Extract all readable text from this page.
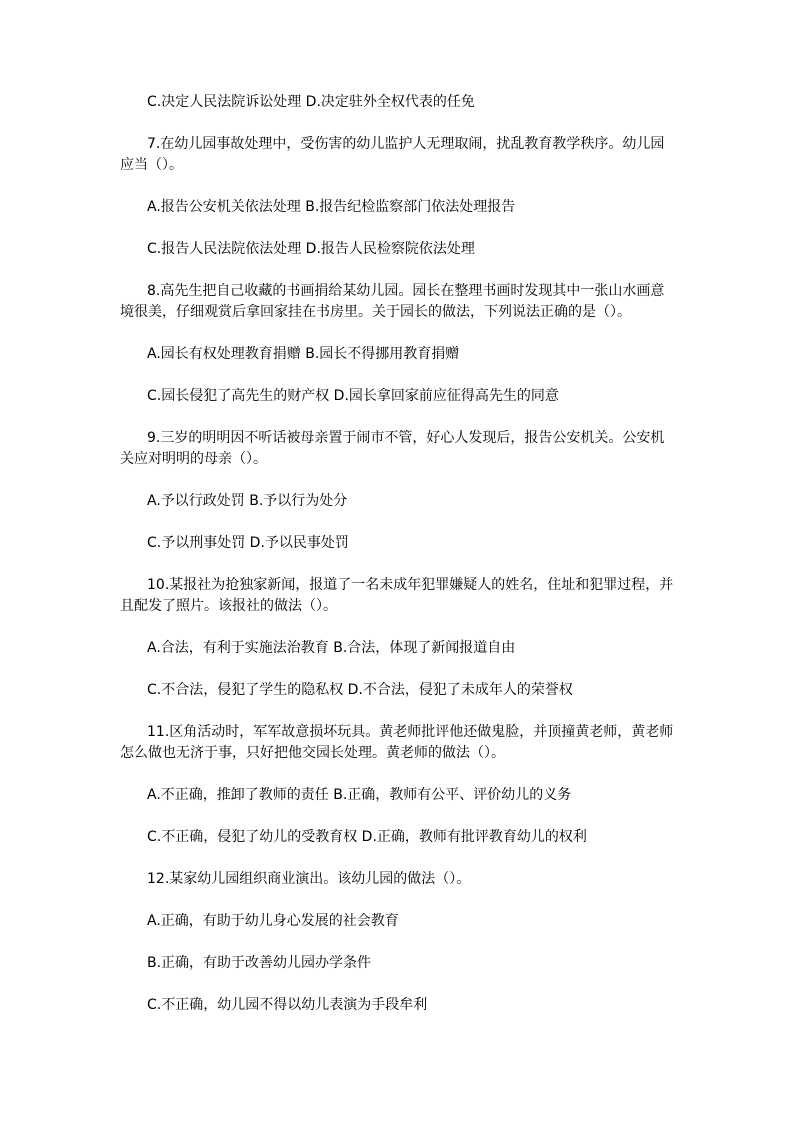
C.决定人民法院诉讼处理 D.决定驻外全权代表的任免
7.在幼儿园事故处理中，受伤害的幼儿监护人无理取闹，扰乱教育教学秩序。幼儿园
应当（）。
A.报告公安机关依法处理 B.报告纪检监察部门依法处理报告
C.报告人民法院依法处理 D.报告人民检察院依法处理
8.高先生把自己收藏的书画捐给某幼儿园。园长在整理书画时发现其中一张山水画意
境很美，仔细观赏后拿回家挂在书房里。关于园长的做法，下列说法正确的是（）。
A.园长有权处理教育捐赠 B.园长不得挪用教育捐赠
C.园长侵犯了高先生的财产权 D.园长拿回家前应征得高先生的同意
9.三岁的明明因不听话被母亲置于闹市不管，好心人发现后，报告公安机关。公安机
关应对明明的母亲（）。
A.予以行政处罚 B.予以行为处分
C.予以刑事处罚 D.予以民事处罚
10.某报社为抢独家新闻，报道了一名未成年犯罪嫌疑人的姓名，住址和犯罪过程，并
且配发了照片。该报社的做法（）。
A.合法，有利于实施法治教育 B.合法，体现了新闻报道自由
C.不合法，侵犯了学生的隐私权 D.不合法，侵犯了未成年人的荣誉权
11.区角活动时，军军故意损坏玩具。黄老师批评他还做鬼脸，并顶撞黄老师，黄老师
怎么做也无济于事，只好把他交园长处理。黄老师的做法（）。
A.不正确，推卸了教师的责任 B.正确，教师有公平、评价幼儿的义务
C.不正确，侵犯了幼儿的受教育权 D.正确，教师有批评教育幼儿的权利
12.某家幼儿园组织商业演出。该幼儿园的做法（）。
A.正确，有助于幼儿身心发展的社会教育
B.正确，有助于改善幼儿园办学条件
C.不正确，幼儿园不得以幼儿表演为手段牟利
